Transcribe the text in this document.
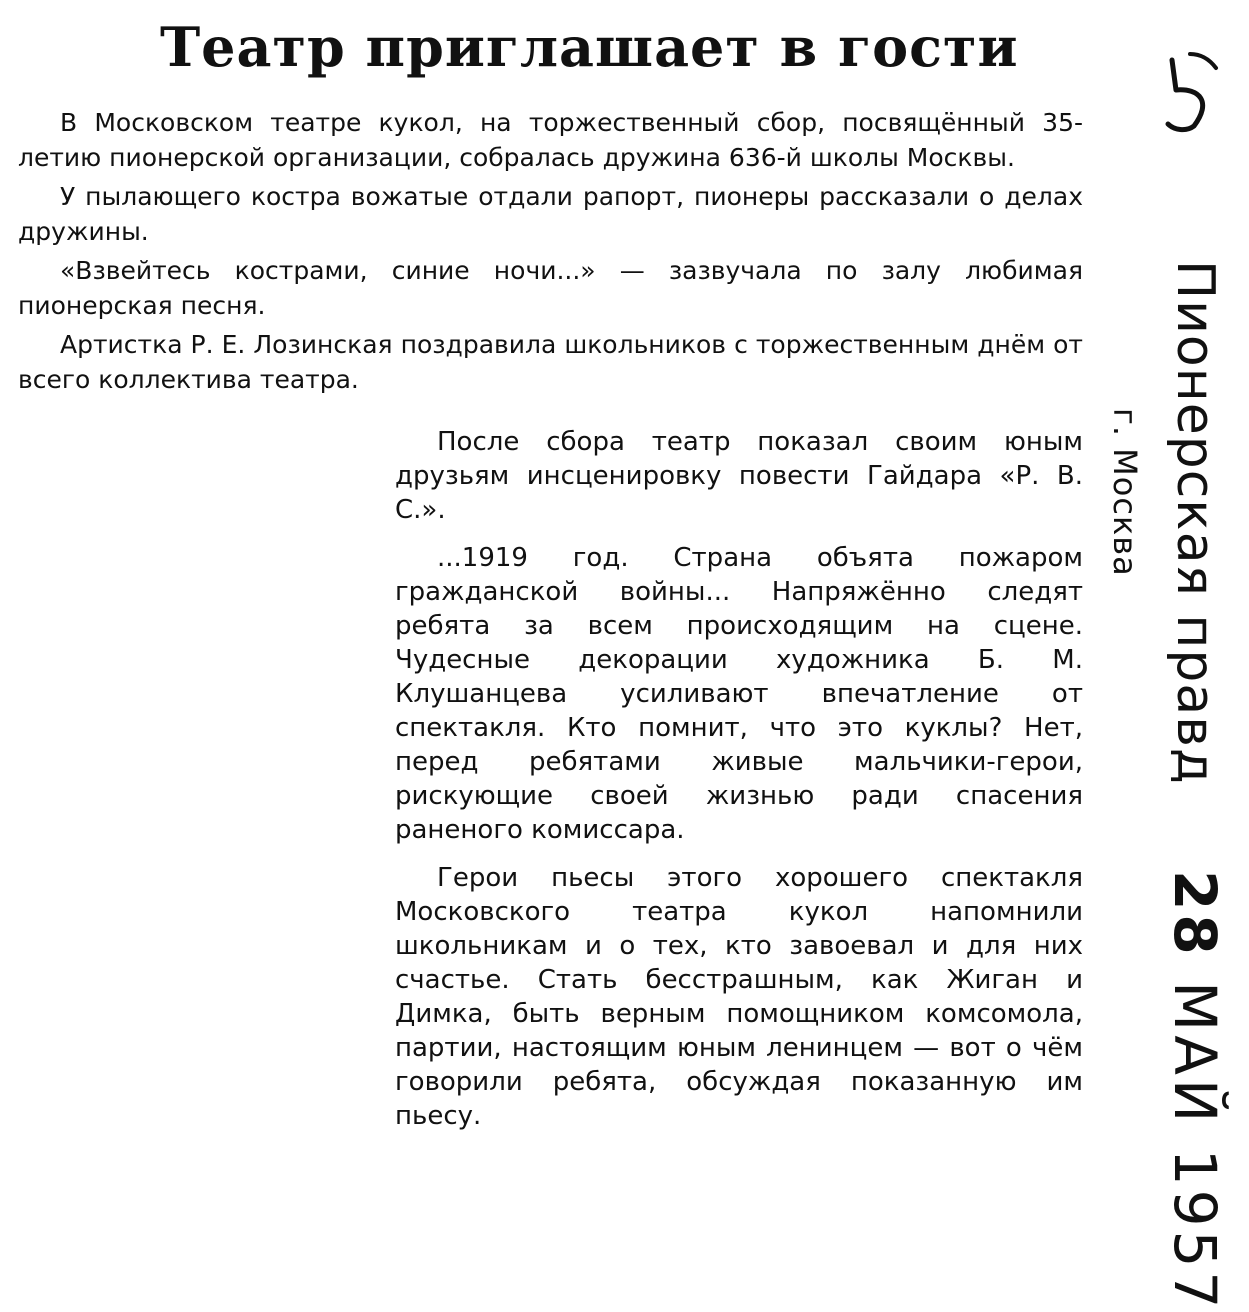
Театр приглашает в гости

В Московском театре кукол, на торжественный сбор, посвящённый 35-летию пионерской организации, собралась дружина 636-й школы Москвы.

У пылающего костра вожатые отдали рапорт, пионеры рассказали о делах дружины.

«Взвейтесь кострами, синие ночи...» — зазвучала по залу любимая пионерская песня.

Артистка Р. Е. Лозинская поздравила школьников с торжественным днём от всего коллектива театра.

После сбора театр показал своим юным друзьям инсценировку повести Гайдара «Р. В. С.».

...1919 год. Страна объята пожаром гражданской войны... Напряжённо следят ребята за всем происходящим на сцене. Чудесные декорации художника Б. М. Клушанцева усиливают впечатление от спектакля. Кто помнит, что это куклы? Нет, перед ребятами живые мальчики-герои, рискующие своей жизнью ради спасения раненого комиссара.

Герои пьесы этого хорошего спектакля Московского театра кукол напомнили школьникам и о тех, кто завоевал и для них счастье. Стать бесстрашным, как Жиган и Димка, быть верным помощником комсомола, партии, настоящим юным ленинцем — вот о чём говорили ребята, обсуждая показанную им пьесу.

Пионерская правд
г. Москва
28 МАЙ 1957
